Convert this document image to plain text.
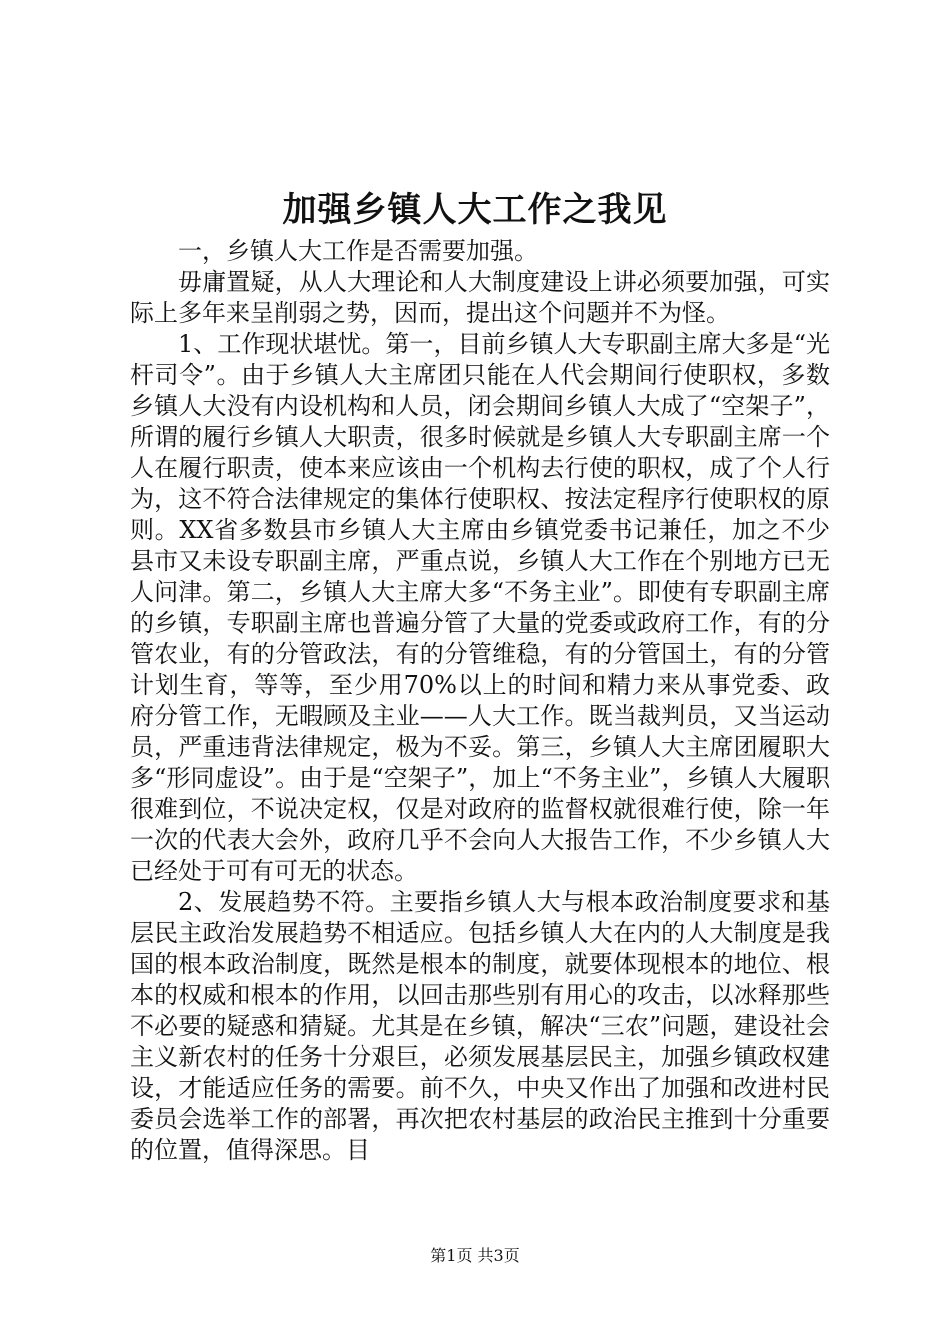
加强乡镇人大工作之我见

一，乡镇人大工作是否需要加强。

毋庸置疑，从人大理论和人大制度建设上讲必须要加强，可实际上多年来呈削弱之势，因而，提出这个问题并不为怪。

1、工作现状堪忧。第一，目前乡镇人大专职副主席大多是“光杆司令”。由于乡镇人大主席团只能在人代会期间行使职权，多数乡镇人大没有内设机构和人员，闭会期间乡镇人大成了“空架子”，所谓的履行乡镇人大职责，很多时候就是乡镇人大专职副主席一个人在履行职责，使本来应该由一个机构去行使的职权，成了个人行为，这不符合法律规定的集体行使职权、按法定程序行使职权的原则。XX省多数县市乡镇人大主席由乡镇党委书记兼任，加之不少县市又未设专职副主席，严重点说，乡镇人大工作在个别地方已无人问津。第二，乡镇人大主席大多“不务主业”。即使有专职副主席的乡镇，专职副主席也普遍分管了大量的党委或政府工作，有的分管农业，有的分管政法，有的分管维稳，有的分管国土，有的分管计划生育，等等，至少用70%以上的时间和精力来从事党委、政府分管工作，无暇顾及主业——人大工作。既当裁判员，又当运动员，严重违背法律规定，极为不妥。第三，乡镇人大主席团履职大多“形同虚设”。由于是“空架子”，加上“不务主业”，乡镇人大履职很难到位，不说决定权，仅是对政府的监督权就很难行使，除一年一次的代表大会外，政府几乎不会向人大报告工作，不少乡镇人大已经处于可有可无的状态。

2、发展趋势不符。主要指乡镇人大与根本政治制度要求和基层民主政治发展趋势不相适应。包括乡镇人大在内的人大制度是我国的根本政治制度，既然是根本的制度，就要体现根本的地位、根本的权威和根本的作用，以回击那些别有用心的攻击，以冰释那些不必要的疑惑和猜疑。尤其是在乡镇，解决“三农”问题，建设社会主义新农村的任务十分艰巨，必须发展基层民主，加强乡镇政权建设，才能适应任务的需要。前不久，中央又作出了加强和改进村民委员会选举工作的部署，再次把农村基层的政治民主推到十分重要的位置，值得深思。目

第1页 共3页
